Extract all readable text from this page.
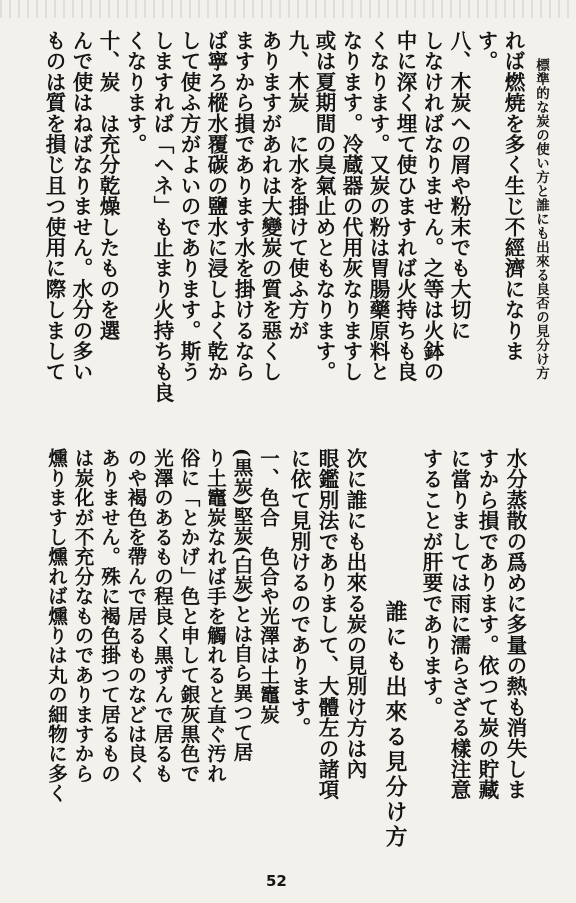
標準的な炭の使い方と誰にも出來る良否の見分け方
れば燃焼を多く生じ不經濟になりま
す。
八、木炭への屑や粉末でも大切に
しなければなりません。之等は火鉢の
中に深く埋て使ひますれば火持ちも良
くなります。又炭の粉は胃腸藥原料と
なります。冷蔵器の代用灰なりますし
或は夏期間の臭氣止めともなります。
九、木炭　に水を掛けて使ふ方が
ありますがあれは大變炭の質を惡くし
ますから損であります水を掛けるなら
ば寧ろ樅水覆碳の鹽水に浸しよく乾か
して使ふ方がよいのであります。斯う
しますれば「ヘネ」も止まり火持ちも良
くなります。
十、炭　は充分乾燥したものを選
んで使はねばなりません。水分の多い
ものは質を損じ且つ使用に際しまして
水分蒸散の爲めに多量の熱も消失しま
すから損であります。依つて炭の貯藏
に當りましては雨に濡らさざる樣注意
することが肝要であります。
誰にも出來る見分け方
次に誰にも出來る炭の見別け方は內
眼鑑別法でありまして、大體左の諸項
に依て見別けるのであります。
一、色合　色合や光澤は土竈炭
(黒炭)堅炭(白炭)とは自ら異つて居
り土竈炭なれば手を觸れると直ぐ汚れ
俗に「とかげ」色と申して銀灰黒色で
光澤のあるもの程良く黒ずんで居るも
のや褐色を帶んで居るものなどは良く
ありません。殊に褐色掛つて居るもの
は炭化が不充分なものでありますから
燻りますし燻れば燻りは丸の細物に多く
52
